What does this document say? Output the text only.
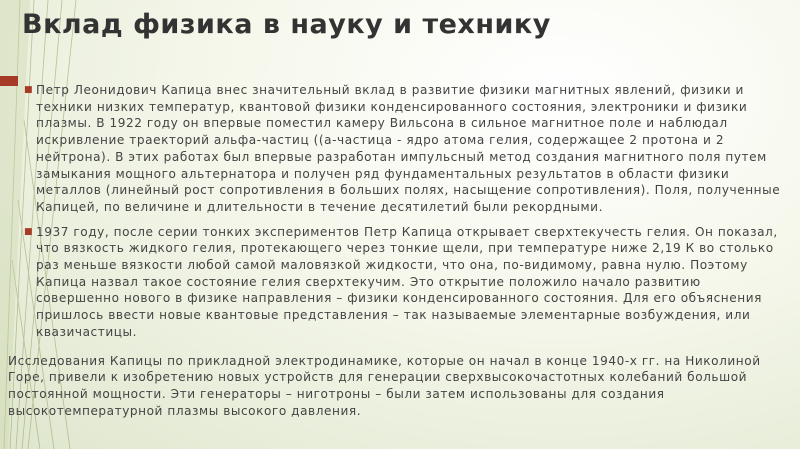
Вклад физика в науку и технику

■ Петр Леонидович Капица внес значительный вклад в развитие физики магнитных явлений, физики и техники низких температур, квантовой физики конденсированного состояния, электроники и физики плазмы. В 1922 году он впервые поместил камеру Вильсона в сильное магнитное поле и наблюдал искривление траекторий альфа-частиц ((а-частица - ядро атома гелия, содержащее 2 протона и 2 нейтрона). В этих работах был впервые разработан импульсный метод создания магнитного поля путем замыкания мощного альтернатора и получен ряд фундаментальных результатов в области физики металлов (линейный рост сопротивления в больших полях, насыщение сопротивления). Поля, полученные Капицей, по величине и длительности в течение десятилетий были рекордными.

■ 1937 году, после серии тонких экспериментов Петр Капица открывает сверхтекучесть гелия. Он показал, что вязкость жидкого гелия, протекающего через тонкие щели, при температуре ниже 2,19 К во столько раз меньше вязкости любой самой маловязкой жидкости, что она, по-видимому, равна нулю. Поэтому Капица назвал такое состояние гелия сверхтекучим. Это открытие положило начало развитию совершенно нового в физике направления – физики конденсированного состояния. Для его объяснения пришлось ввести новые квантовые представления – так называемые элементарные возбуждения, или квазичастицы.

Исследования Капицы по прикладной электродинамике, которые он начал в конце 1940-х гг. на Николиной Горе, привели к изобретению новых устройств для генерации сверхвысокочастотных колебаний большой постоянной мощности. Эти генераторы – ниготроны – были затем использованы для создания высокотемпературной плазмы высокого давления.
